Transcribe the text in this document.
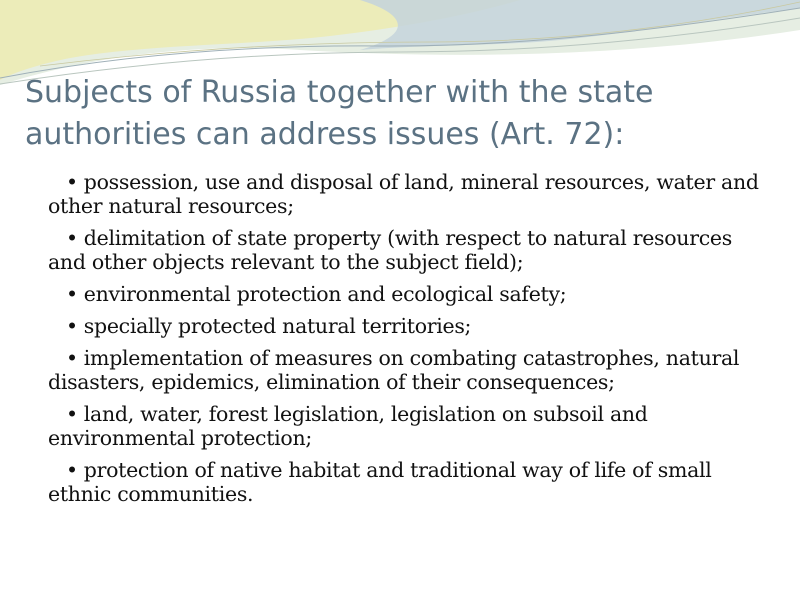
Subjects of Russia together with the state authorities can address issues (Art. 72):
• possession, use and disposal of land, mineral resources, water and other natural resources;
• delimitation of state property (with respect to natural resources and other objects relevant to the subject field);
• environmental protection and ecological safety;
• specially protected natural territories;
• implementation of measures on combating catastrophes, natural disasters, epidemics, elimination of their consequences;
• land, water, forest legislation, legislation on subsoil and environmental protection;
• protection of native habitat and traditional way of life of small ethnic communities.
